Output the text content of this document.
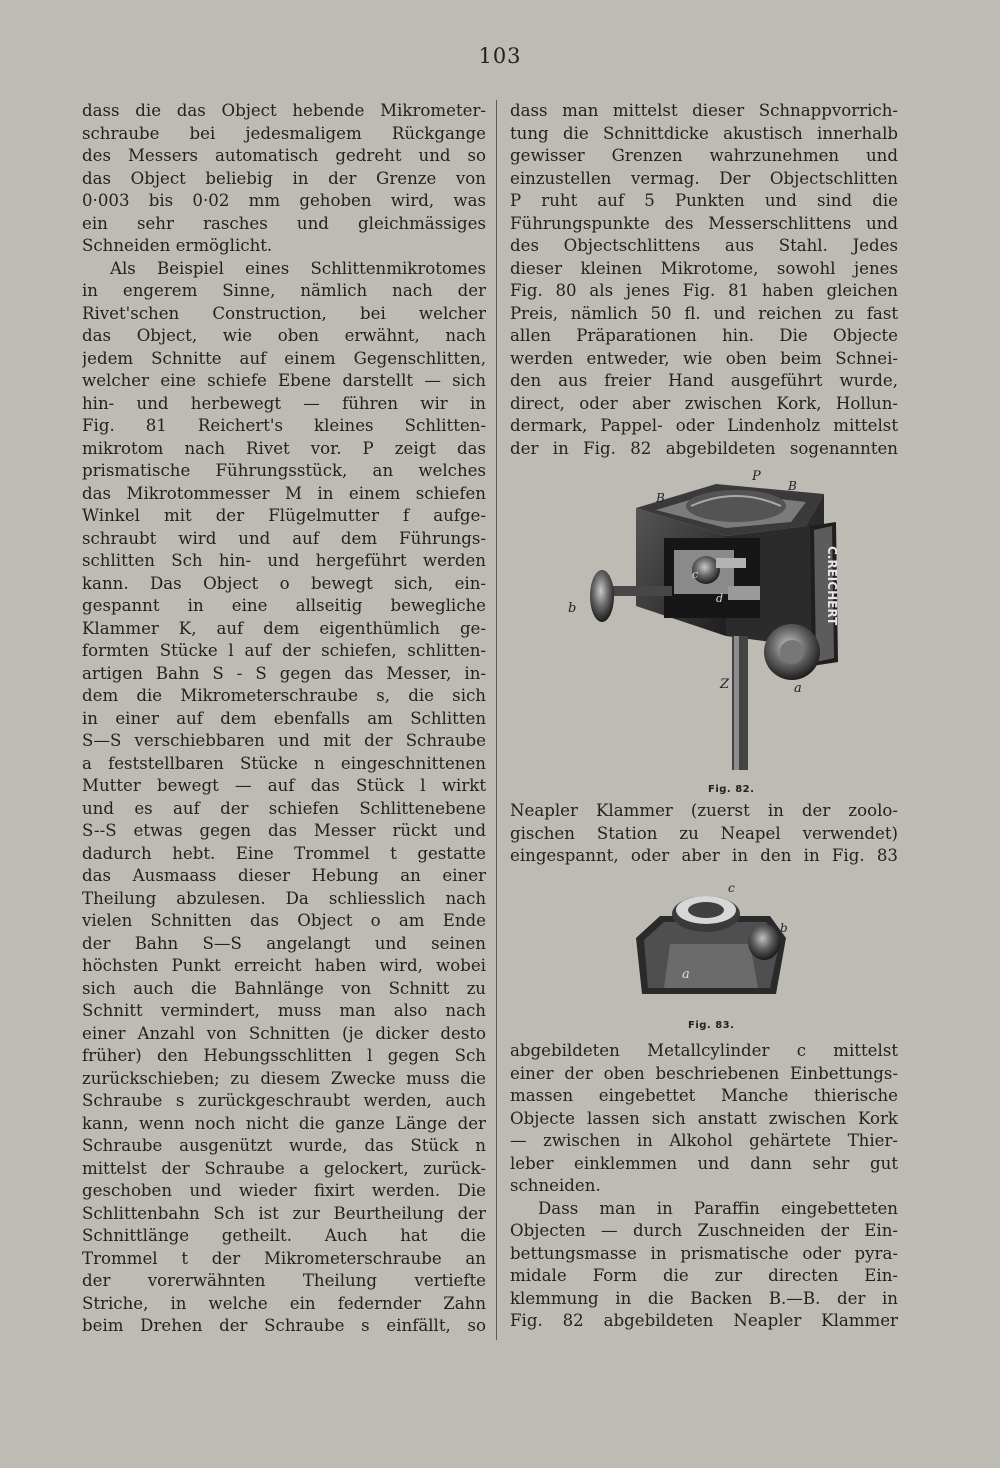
103
dass die das Object hebende Mikrometer-
schraube bei jedesmaligem Rückgange
des Messers automatisch gedreht und so
das Object beliebig in der Grenze von
0·003 bis 0·02 mm gehoben wird, was
ein sehr rasches und gleichmässiges
Schneiden ermöglicht.
Als Beispiel eines Schlittenmikrotomes
in engerem Sinne, nämlich nach der
Rivet'schen Construction, bei welcher
das Object, wie oben erwähnt, nach
jedem Schnitte auf einem Gegenschlitten,
welcher eine schiefe Ebene darstellt — sich
hin- und herbewegt — führen wir in
Fig. 81 Reichert's kleines Schlitten-
mikrotom nach Rivet vor. P zeigt das
prismatische Führungsstück, an welches
das Mikrotommesser M in einem schiefen
Winkel mit der Flügelmutter f aufge-
schraubt wird und auf dem Führungs-
schlitten Sch hin- und hergeführt werden
kann. Das Object o bewegt sich, ein-
gespannt in eine allseitig bewegliche
Klammer K, auf dem eigenthümlich ge-
formten Stücke l auf der schiefen, schlitten-
artigen Bahn S - S gegen das Messer, in-
dem die Mikrometerschraube s, die sich
in einer auf dem ebenfalls am Schlitten
S—S verschiebbaren und mit der Schraube
a feststellbaren Stücke n eingeschnittenen
Mutter bewegt — auf das Stück l wirkt
und es auf der schiefen Schlittenebene
S--S etwas gegen das Messer rückt und
dadurch hebt. Eine Trommel t gestatte
das Ausmaass dieser Hebung an einer
Theilung abzulesen. Da schliesslich nach
vielen Schnitten das Object o am Ende
der Bahn S—S angelangt und seinen
höchsten Punkt erreicht haben wird, wobei
sich auch die Bahnlänge von Schnitt zu
Schnitt vermindert, muss man also nach
einer Anzahl von Schnitten (je dicker desto
früher) den Hebungsschlitten l gegen Sch
zurückschieben; zu diesem Zwecke muss die
Schraube s zurückgeschraubt werden, auch
kann, wenn noch nicht die ganze Länge der
Schraube ausgenützt wurde, das Stück n
mittelst der Schraube a gelockert, zurück-
geschoben und wieder fixirt werden. Die
Schlittenbahn Sch ist zur Beurtheilung der
Schnittlänge getheilt. Auch hat die
Trommel t der Mikrometerschraube an
der vorerwähnten Theilung vertiefte
Striche, in welche ein federnder Zahn
beim Drehen der Schraube s einfällt, so
dass man mittelst dieser Schnappvorrich-
tung die Schnittdicke akustisch innerhalb
gewisser Grenzen wahrzunehmen und
einzustellen vermag. Der Objectschlitten
P ruht auf 5 Punkten und sind die
Führungspunkte des Messerschlittens und
des Objectschlittens aus Stahl. Jedes
dieser kleinen Mikrotome, sowohl jenes
Fig. 80 als jenes Fig. 81 haben gleichen
Preis, nämlich 50 fl. und reichen zu fast
allen Präparationen hin. Die Objecte
werden entweder, wie oben beim Schnei-
den aus freier Hand ausgeführt wurde,
direct, oder aber zwischen Kork, Hollun-
dermark, Pappel- oder Lindenholz mittelst
der in Fig. 82 abgebildeten sogenannten
C.REICHERT
P
B
B
b
c
d
Z	a
Fig. 82.
Neapler Klammer (zuerst in der zoolo-
gischen Station zu Neapel verwendet)
eingespannt, oder aber in den in Fig. 83
c
b
a
Fig. 83.
abgebildeten Metallcylinder c mittelst
einer der oben beschriebenen Einbettungs-
massen eingebettet Manche thierische
Objecte lassen sich anstatt zwischen Kork
— zwischen in Alkohol gehärtete Thier-
leber einklemmen und dann sehr gut
schneiden.
Dass man in Paraffin eingebetteten
Objecten — durch Zuschneiden der Ein-
bettungsmasse in prismatische oder pyra-
midale Form die zur directen Ein-
klemmung in die Backen B.—B. der in
Fig. 82 abgebildeten Neapler Klammer
